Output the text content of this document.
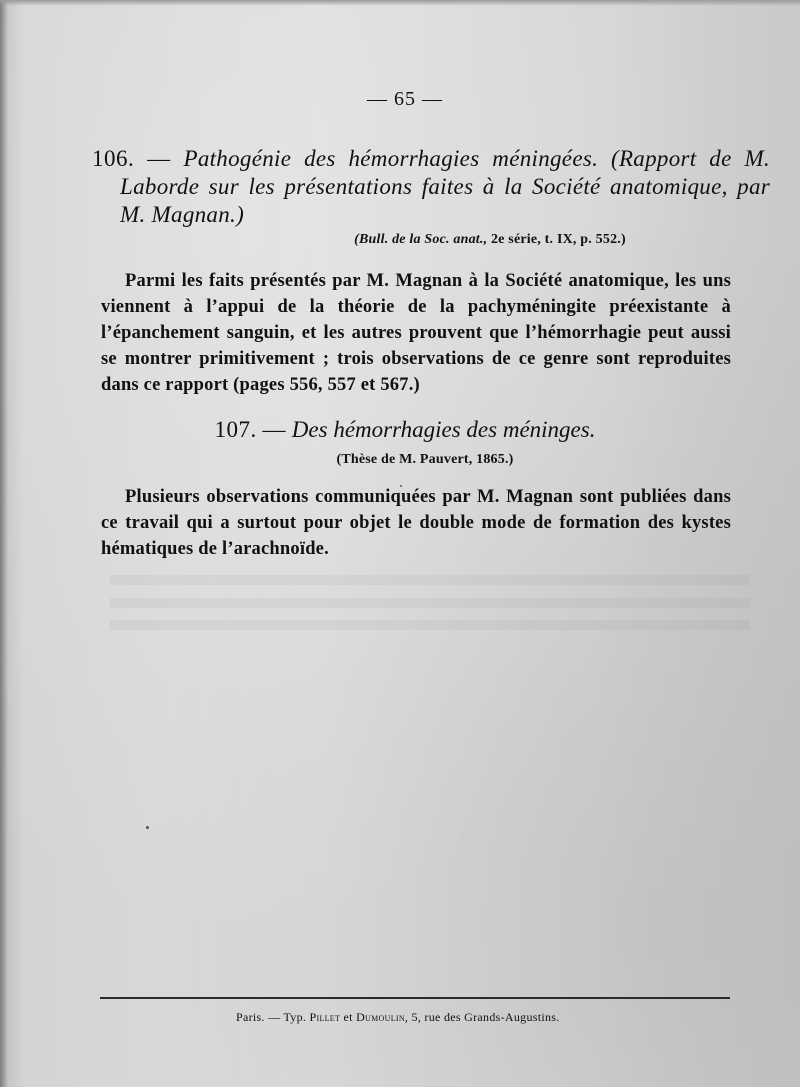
— 65 —
106. — Pathogénie des hémorrhagies méningées. (Rapport de M. Laborde sur les présentations faites à la Société anatomique, par M. Magnan.)
(Bull. de la Soc. anat., 2e série, t. IX, p. 552.)
Parmi les faits présentés par M. Magnan à la Société anatomique, les uns viennent à l’appui de la théorie de la pachyméningite préexistante à l’épanchement sanguin, et les autres prouvent que l’hémorrhagie peut aussi se montrer primitivement ; trois observations de ce genre sont reproduites dans ce rapport (pages 556, 557 et 567.)
107. — Des hémorrhagies des méninges.
(Thèse de M. Pauvert, 1865.)
Plusieurs observations communiquées par M. Magnan sont publiées dans ce travail qui a surtout pour objet le double mode de formation des kystes hématiques de l’arachnoïde.
Paris. — Typ. Pillet et Dumoulin, 5, rue des Grands-Augustins.
